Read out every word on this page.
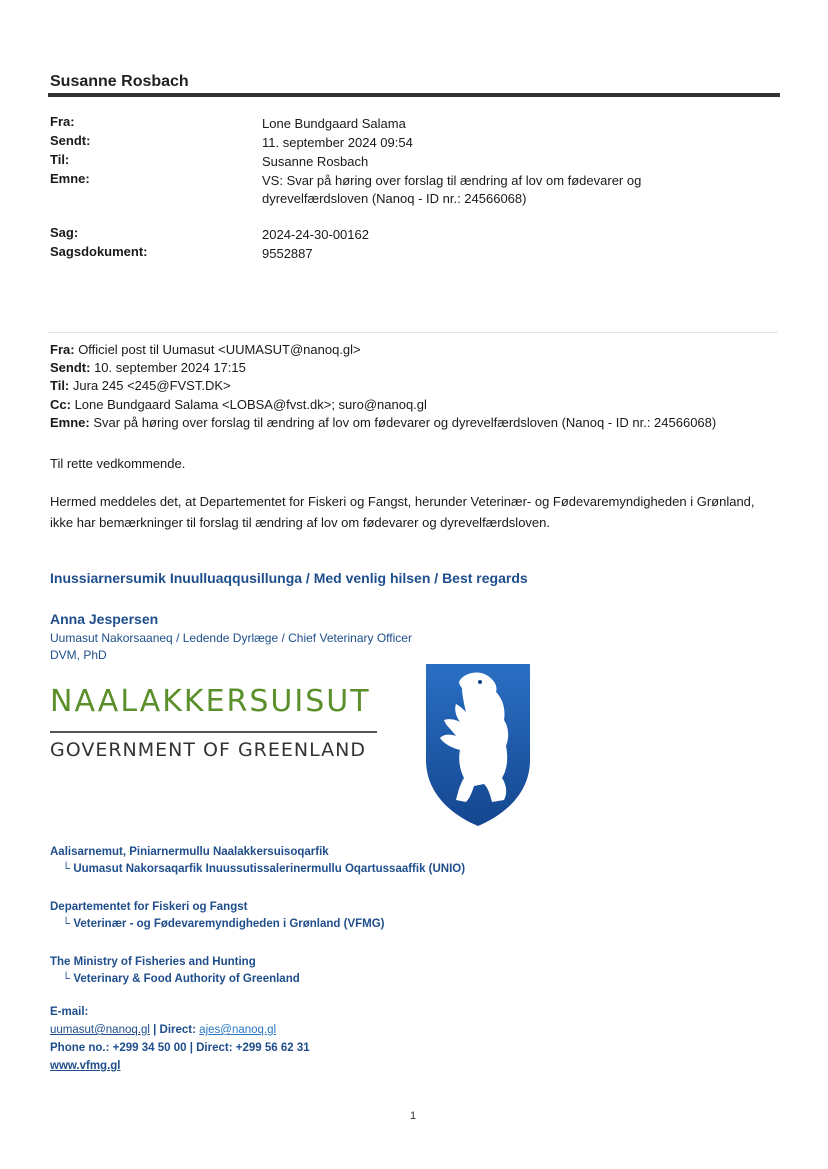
Susanne Rosbach
Fra:	Lone Bundgaard Salama
Sendt:	11. september 2024 09:54
Til:	Susanne Rosbach
Emne:	VS: Svar på høring over forslag til ændring af lov om fødevarer og
dyrevelfærdsloven (Nanoq - ID nr.: 24566068)
Sag:	2024-24-30-00162
Sagsdokument:	9552887
Fra: Officiel post til Uumasut <UUMASUT@nanoq.gl>
Sendt: 10. september 2024 17:15
Til: Jura 245 <245@FVST.DK>
Cc: Lone Bundgaard Salama <LOBSA@fvst.dk>; suro@nanoq.gl
Emne: Svar på høring over forslag til ændring af lov om fødevarer og dyrevelfærdsloven (Nanoq - ID nr.: 24566068)
Til rette vedkommende.
Hermed meddeles det, at Departementet for Fiskeri og Fangst, herunder Veterinær- og Fødevaremyndigheden i Grønland, ikke har bemærkninger til forslag til ændring af lov om fødevarer og dyrevelfærdsloven.
Inussiarnersumik Inuulluaqqusillunga / Med venlig hilsen / Best regards
Anna Jespersen
Uumasut Nakorsaaneq / Ledende Dyrlæge / Chief Veterinary Officer
DVM, PhD
NAALAKKERSUISUT
GOVERNMENT OF GREENLAND
Aalisarnemut, Piniarnermullu Naalakkersuisoqarfik
└ Uumasut Nakorsaqarfik Inuussutissalerinermullu Oqartussaaffik (UNIO)
Departementet for Fiskeri og Fangst
└ Veterinær - og Fødevaremyndigheden i Grønland (VFMG)
The Ministry of Fisheries and Hunting
└ Veterinary & Food Authority of Greenland
E-mail:
uumasut@nanoq.gl | Direct: ajes@nanoq.gl
Phone no.: +299 34 50 00 | Direct: +299 56 62 31
www.vfmg.gl
1
